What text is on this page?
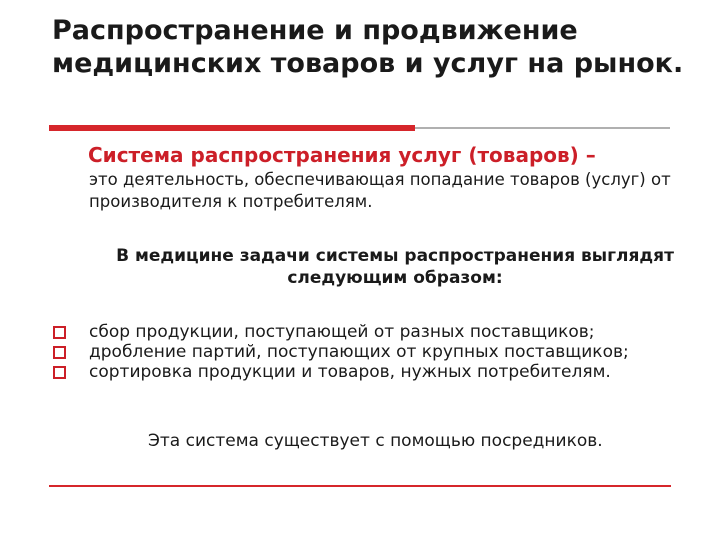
Распространение и продвижение медицинских товаров и услуг на рынок.
Система распространения услуг (товаров) –
это деятельность, обеспечивающая попадание товаров (услуг) от производителя к потребителям.
В медицине задачи системы распространения выглядят следующим образом:
сбор продукции, поступающей от разных поставщиков;
дробление партий, поступающих от крупных поставщиков;
сортировка продукции и товаров, нужных потребителям.
Эта система существует с помощью посредников.
